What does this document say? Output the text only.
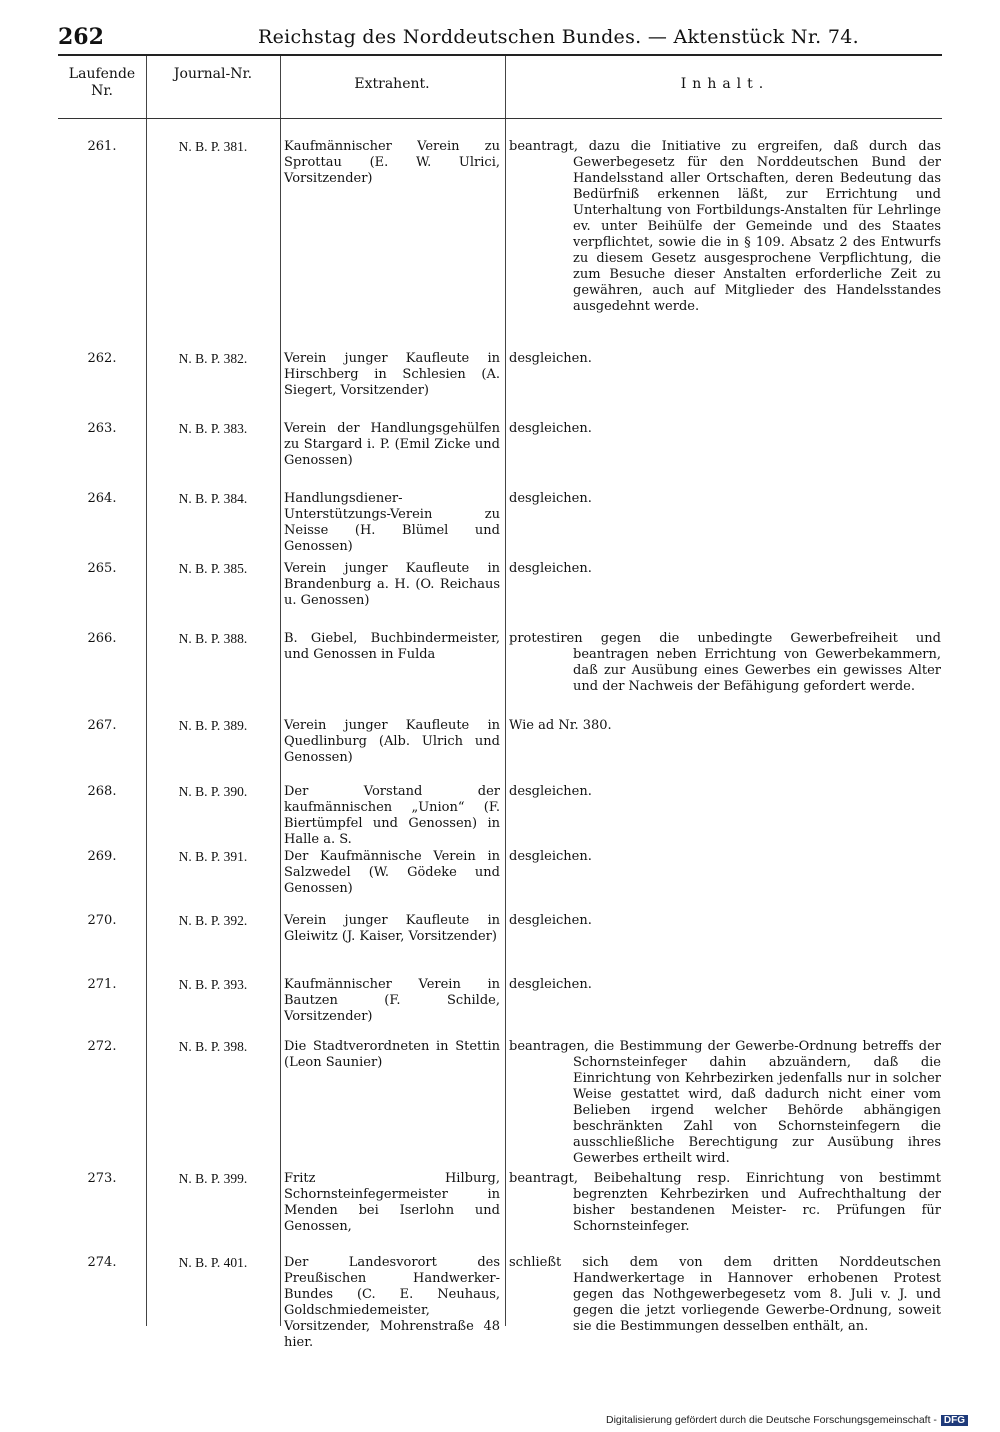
262	Reichstag des Norddeutschen Bundes. — Aktenstück Nr. 74.
Laufende Nr.
Journal-Nr.
Extrahent.	Inhalt.
261.	N. B. P. 381.	Kaufmännischer Verein zu Sprottau (E. W. Ulrici, Vorsitzender)
beantragt, dazu die Initiative zu ergreifen, daß durch das Gewerbegesetz für den Norddeutschen Bund der Handelsstand aller Ortschaften, deren Bedeutung das Bedürfniß erkennen läßt, zur Errichtung und Unterhaltung von Fortbildungs-Anstalten für Lehrlinge ev. unter Beihülfe der Gemeinde und des Staates verpflichtet, sowie die in § 109. Absatz 2 des Entwurfs zu diesem Gesetz ausgesprochene Verpflichtung, die zum Besuche dieser Anstalten erforderliche Zeit zu gewähren, auch auf Mitglieder des Handelsstandes ausgedehnt werde.
262.	N. B. P. 382.	Verein junger Kaufleute in Hirschberg in Schlesien (A. Siegert, Vorsitzender)
desgleichen.
263.	N. B. P. 383.	Verein der Handlungsgehülfen zu Stargard i. P. (Emil Zicke und Genossen)
desgleichen.
264.	N. B. P. 384.	Handlungsdiener-Unterstützungs-Verein zu Neisse (H. Blümel und Genossen)
desgleichen.
265.	N. B. P. 385.	Verein junger Kaufleute in Brandenburg a. H. (O. Reichaus u. Genossen)
desgleichen.
266.	N. B. P. 388.	B. Giebel, Buchbindermeister, und Genossen in Fulda
protestiren gegen die unbedingte Gewerbefreiheit und beantragen neben Errichtung von Gewerbekammern, daß zur Ausübung eines Gewerbes ein gewisses Alter und der Nachweis der Befähigung gefordert werde.
267.	N. B. P. 389.	Verein junger Kaufleute in Quedlinburg (Alb. Ulrich und Genossen)
Wie ad Nr. 380.
268.	N. B. P. 390.	Der Vorstand der kaufmännischen „Union“ (F. Biertümpfel und Genossen) in Halle a. S.
desgleichen.
269.	N. B. P. 391.	Der Kaufmännische Verein in Salzwedel (W. Gödeke und Genossen)
desgleichen.
270.	N. B. P. 392.	Verein junger Kaufleute in Gleiwitz (J. Kaiser, Vorsitzender)
desgleichen.
271.	N. B. P. 393.	Kaufmännischer Verein in Bautzen (F. Schilde, Vorsitzender)
desgleichen.
272.	N. B. P. 398.	Die Stadtverordneten in Stettin (Leon Saunier)
beantragen, die Bestimmung der Gewerbe-Ordnung betreffs der Schornsteinfeger dahin abzuändern, daß die Einrichtung von Kehrbezirken jedenfalls nur in solcher Weise gestattet wird, daß dadurch nicht einer vom Belieben irgend welcher Behörde abhängigen beschränkten Zahl von Schornsteinfegern die ausschließliche Berechtigung zur Ausübung ihres Gewerbes ertheilt wird.
273.	N. B. P. 399.	Fritz Hilburg, Schornsteinfegermeister in Menden bei Iserlohn und Genossen,
beantragt, Beibehaltung resp. Einrichtung von bestimmt begrenzten Kehrbezirken und Aufrechthaltung der bisher bestandenen Meister- rc. Prüfungen für Schornsteinfeger.
274.	N. B. P. 401.	Der Landesvorort des Preußischen Handwerker-Bundes (C. E. Neuhaus, Goldschmiedemeister, Vorsitzender, Mohrenstraße 48 hier.
schließt sich dem von dem dritten Norddeutschen Handwerkertage in Hannover erhobenen Protest gegen das Nothgewerbegesetz vom 8. Juli v. J. und gegen die jetzt vorliegende Gewerbe-Ordnung, soweit sie die Bestimmungen desselben enthält, an.
Digitalisierung gefördert durch die Deutsche Forschungsgemeinschaft - DFG
